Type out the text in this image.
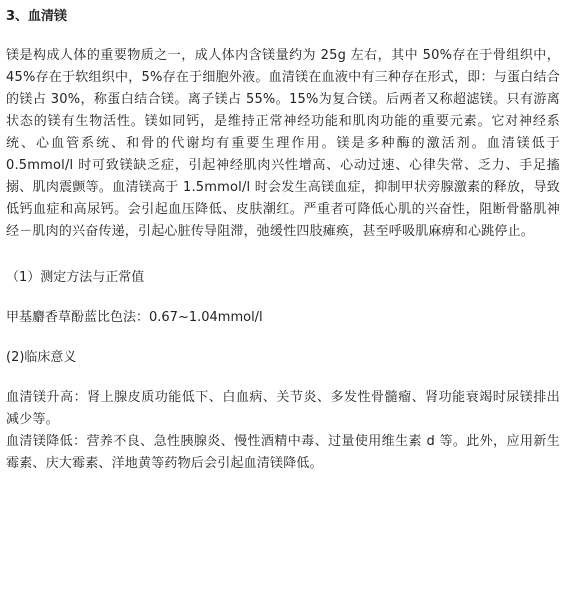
3、血清镁

镁是构成人体的重要物质之一，成人体内含镁量约为 25g 左右，其中 50%存在于骨组织中，45%存在于软组织中，5%存在于细胞外液。血清镁在血液中有三种存在形式，即：与蛋白结合的镁占 30%，称蛋白结合镁。离子镁占 55%。15%为复合镁。后两者又称超滤镁。只有游离状态的镁有生物活性。镁如同钙，是维持正常神经功能和肌肉功能的重要元素。它对神经系统、心血管系统、和骨的代谢均有重要生理作用。镁是多种酶的激活剂。血清镁低于 0.5mmol/l 时可致镁缺乏症，引起神经肌肉兴性增高、心动过速、心律失常、乏力、手足搐搦、肌肉震颤等。血清镁高于 1.5mmol/l 时会发生高镁血症，抑制甲状旁腺激素的释放，导致低钙血症和高尿钙。会引起血压降低、皮肤潮红。严重者可降低心肌的兴奋性，阻断骨骼肌神经－肌肉的兴奋传递，引起心脏传导阻滞，弛缓性四肢瘫痪，甚至呼吸肌麻痹和心跳停止。

（1）测定方法与正常值

甲基麝香草酚蓝比色法：0.67~1.04mmol/l

(2)临床意义

血清镁升高：肾上腺皮质功能低下、白血病、关节炎、多发性骨髓瘤、肾功能衰竭时尿镁排出减少等。

血清镁降低：营养不良、急性胰腺炎、慢性酒精中毒、过量使用维生素 d 等。此外，应用新生霉素、庆大霉素、洋地黄等药物后会引起血清镁降低。
